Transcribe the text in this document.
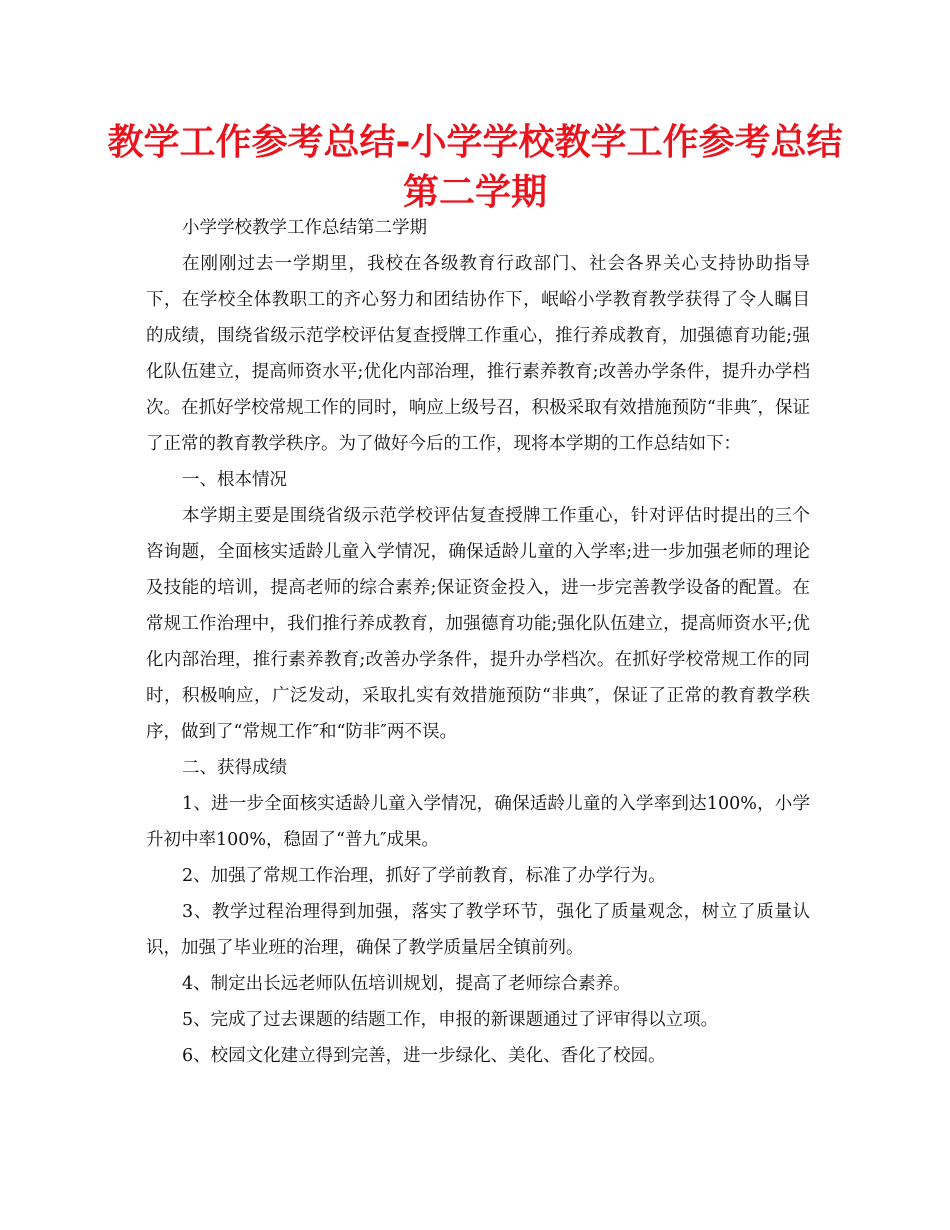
教学工作参考总结-小学学校教学工作参考总结第二学期

小学学校教学工作总结第二学期

在刚刚过去一学期里，我校在各级教育行政部门、社会各界关心支持协助指导下，在学校全体教职工的齐心努力和团结协作下，岷峪小学教育教学获得了令人瞩目的成绩，围绕省级示范学校评估复查授牌工作重心，推行养成教育，加强德育功能;强化队伍建立，提高师资水平;优化内部治理，推行素养教育;改善办学条件，提升办学档次。在抓好学校常规工作的同时，响应上级号召，积极采取有效措施预防“非典″，保证了正常的教育教学秩序。为了做好今后的工作，现将本学期的工作总结如下：

一、根本情况

本学期主要是围绕省级示范学校评估复查授牌工作重心，针对评估时提出的三个咨询题，全面核实适龄儿童入学情况，确保适龄儿童的入学率;进一步加强老师的理论及技能的培训，提高老师的综合素养;保证资金投入，进一步完善教学设备的配置。在常规工作治理中，我们推行养成教育，加强德育功能;强化队伍建立，提高师资水平;优化内部治理，推行素养教育;改善办学条件，提升办学档次。在抓好学校常规工作的同时，积极响应，广泛发动，采取扎实有效措施预防“非典″，保证了正常的教育教学秩序，做到了“常规工作″和“防非″两不误。

二、获得成绩

1、进一步全面核实适龄儿童入学情况，确保适龄儿童的入学率到达100%，小学升初中率100%，稳固了“普九″成果。

2、加强了常规工作治理，抓好了学前教育，标准了办学行为。

3、教学过程治理得到加强，落实了教学环节，强化了质量观念，树立了质量认识，加强了毕业班的治理，确保了教学质量居全镇前列。

4、制定出长远老师队伍培训规划，提高了老师综合素养。

5、完成了过去课题的结题工作，申报的新课题通过了评审得以立项。

6、校园文化建立得到完善，进一步绿化、美化、香化了校园。
